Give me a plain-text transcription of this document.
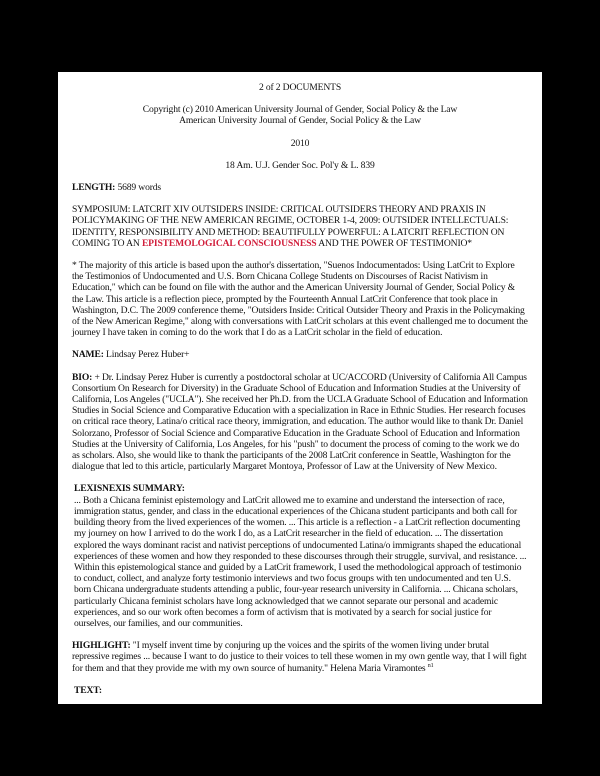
2 of 2 DOCUMENTS
Copyright (c) 2010 American University Journal of Gender, Social Policy & the Law
American University Journal of Gender, Social Policy & the Law
2010
18 Am. U.J. Gender Soc. Pol'y & L. 839
LENGTH: 5689 words
SYMPOSIUM: LATCRIT XIV OUTSIDERS INSIDE: CRITICAL OUTSIDERS THEORY AND PRAXIS IN POLICYMAKING OF THE NEW AMERICAN REGIME, OCTOBER 1-4, 2009: OUTSIDER INTELLECTUALS: IDENTITY, RESPONSIBILITY AND METHOD: BEAUTIFULLY POWERFUL: A LATCRIT REFLECTION ON COMING TO AN EPISTEMOLOGICAL CONSCIOUSNESS AND THE POWER OF TESTIMONIO*
* The majority of this article is based upon the author's dissertation, "Suenos Indocumentados: Using LatCrit to Explore the Testimonios of Undocumented and U.S. Born Chicana College Students on Discourses of Racist Nativism in Education," which can be found on file with the author and the American University Journal of Gender, Social Policy & the Law. This article is a reflection piece, prompted by the Fourteenth Annual LatCrit Conference that took place in Washington, D.C. The 2009 conference theme, "Outsiders Inside: Critical Outsider Theory and Praxis in the Policymaking of the New American Regime," along with conversations with LatCrit scholars at this event challenged me to document the journey I have taken in coming to do the work that I do as a LatCrit scholar in the field of education.
NAME: Lindsay Perez Huber+
BIO: + Dr. Lindsay Perez Huber is currently a postdoctoral scholar at UC/ACCORD (University of California All Campus Consortium On Research for Diversity) in the Graduate School of Education and Information Studies at the University of California, Los Angeles ("UCLA"). She received her Ph.D. from the UCLA Graduate School of Education and Information Studies in Social Science and Comparative Education with a specialization in Race in Ethnic Studies. Her research focuses on critical race theory, Latina/o critical race theory, immigration, and education. The author would like to thank Dr. Daniel Solorzano, Professor of Social Science and Comparative Education in the Graduate School of Education and Information Studies at the University of California, Los Angeles, for his "push" to document the process of coming to the work we do as scholars. Also, she would like to thank the participants of the 2008 LatCrit conference in Seattle, Washington for the dialogue that led to this article, particularly Margaret Montoya, Professor of Law at the University of New Mexico.
LEXISNEXIS SUMMARY:
... Both a Chicana feminist epistemology and LatCrit allowed me to examine and understand the intersection of race, immigration status, gender, and class in the educational experiences of the Chicana student participants and both call for building theory from the lived experiences of the women. ... This article is a reflection - a LatCrit reflection documenting my journey on how I arrived to do the work I do, as a LatCrit researcher in the field of education. ... The dissertation explored the ways dominant racist and nativist perceptions of undocumented Latina/o immigrants shaped the educational experiences of these women and how they responded to these discourses through their struggle, survival, and resistance. ... Within this epistemological stance and guided by a LatCrit framework, I used the methodological approach of testimonio to conduct, collect, and analyze forty testimonio interviews and two focus groups with ten undocumented and ten U.S. born Chicana undergraduate students attending a public, four-year research university in California. ... Chicana scholars, particularly Chicana feminist scholars have long acknowledged that we cannot separate our personal and academic experiences, and so our work often becomes a form of activism that is motivated by a search for social justice for ourselves, our families, and our communities.
HIGHLIGHT: "I myself invent time by conjuring up the voices and the spirits of the women living under brutal repressive regimes ... because I want to do justice to their voices to tell these women in my own gentle way, that I will fight for them and that they provide me with my own source of humanity." Helena Maria Viramontes $^{n1}$
TEXT:
